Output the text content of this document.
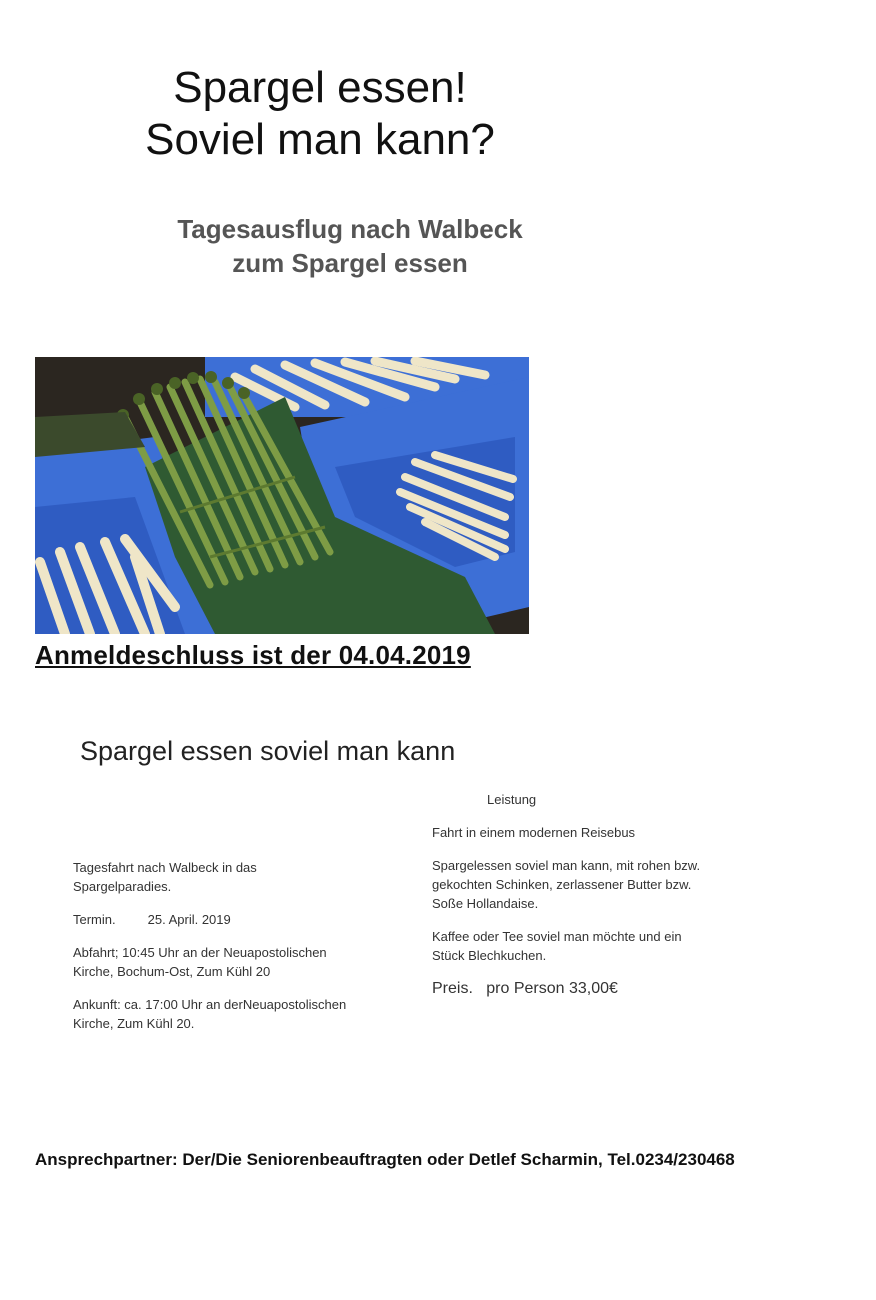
Spargel essen!
Soviel man kann?
Tagesausflug nach Walbeck
zum Spargel essen
Anmeldeschluss ist der 04.04.2019
Spargel essen soviel man kann

Tagesfahrt nach Walbeck in das
Spargelparadies.

Termin. 25. April. 2019

Abfahrt; 10:45 Uhr an der Neuapostolischen
Kirche, Bochum-Ost, Zum Kühl 20

Ankunft: ca. 17:00 Uhr an derNeuapostolischen
Kirche, Zum Kühl 20.

Leistung

Fahrt in einem modernen Reisebus

Spargelessen soviel man kann, mit rohen bzw.
gekochten Schinken, zerlassener Butter bzw.
Soße Hollandaise.

Kaffee oder Tee soviel man möchte und ein
Stück Blechkuchen.

Preis. pro Person 33,00€

Ansprechpartner: Der/Die Seniorenbeauftragten oder Detlef Scharmin, Tel.0234/230468
